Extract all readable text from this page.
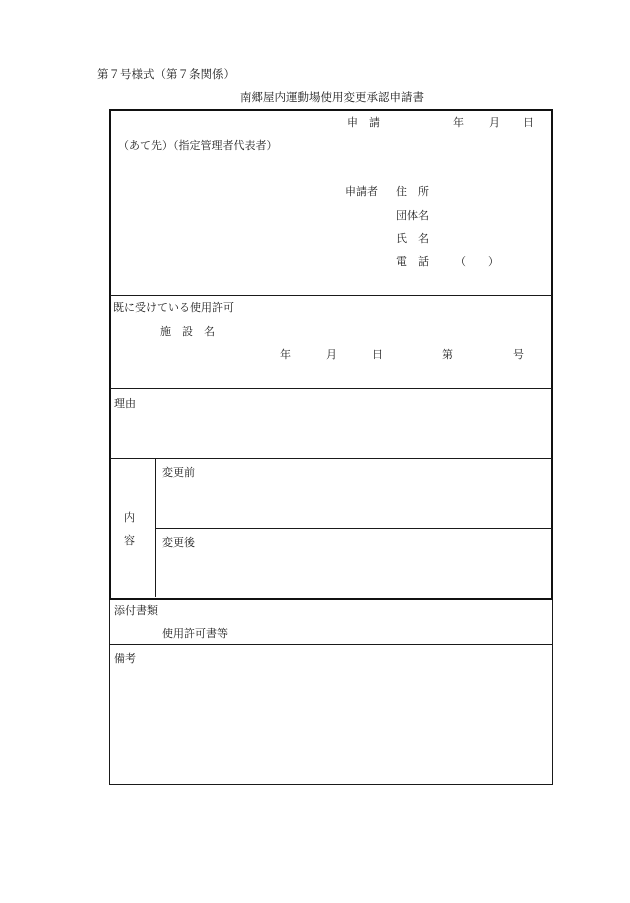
第７号様式（第７条関係）
南郷屋内運動場使用変更承認申請書
申　請	年 月 日
（あて先）（指定管理者代表者）
申請者 住　所
団体名
氏　名
電　話 （　　）
既に受けている使用許可
施　設　名
年	月	日	第	号
理由
内
容
変更前
変更後
添付書類
使用許可書等
備考
